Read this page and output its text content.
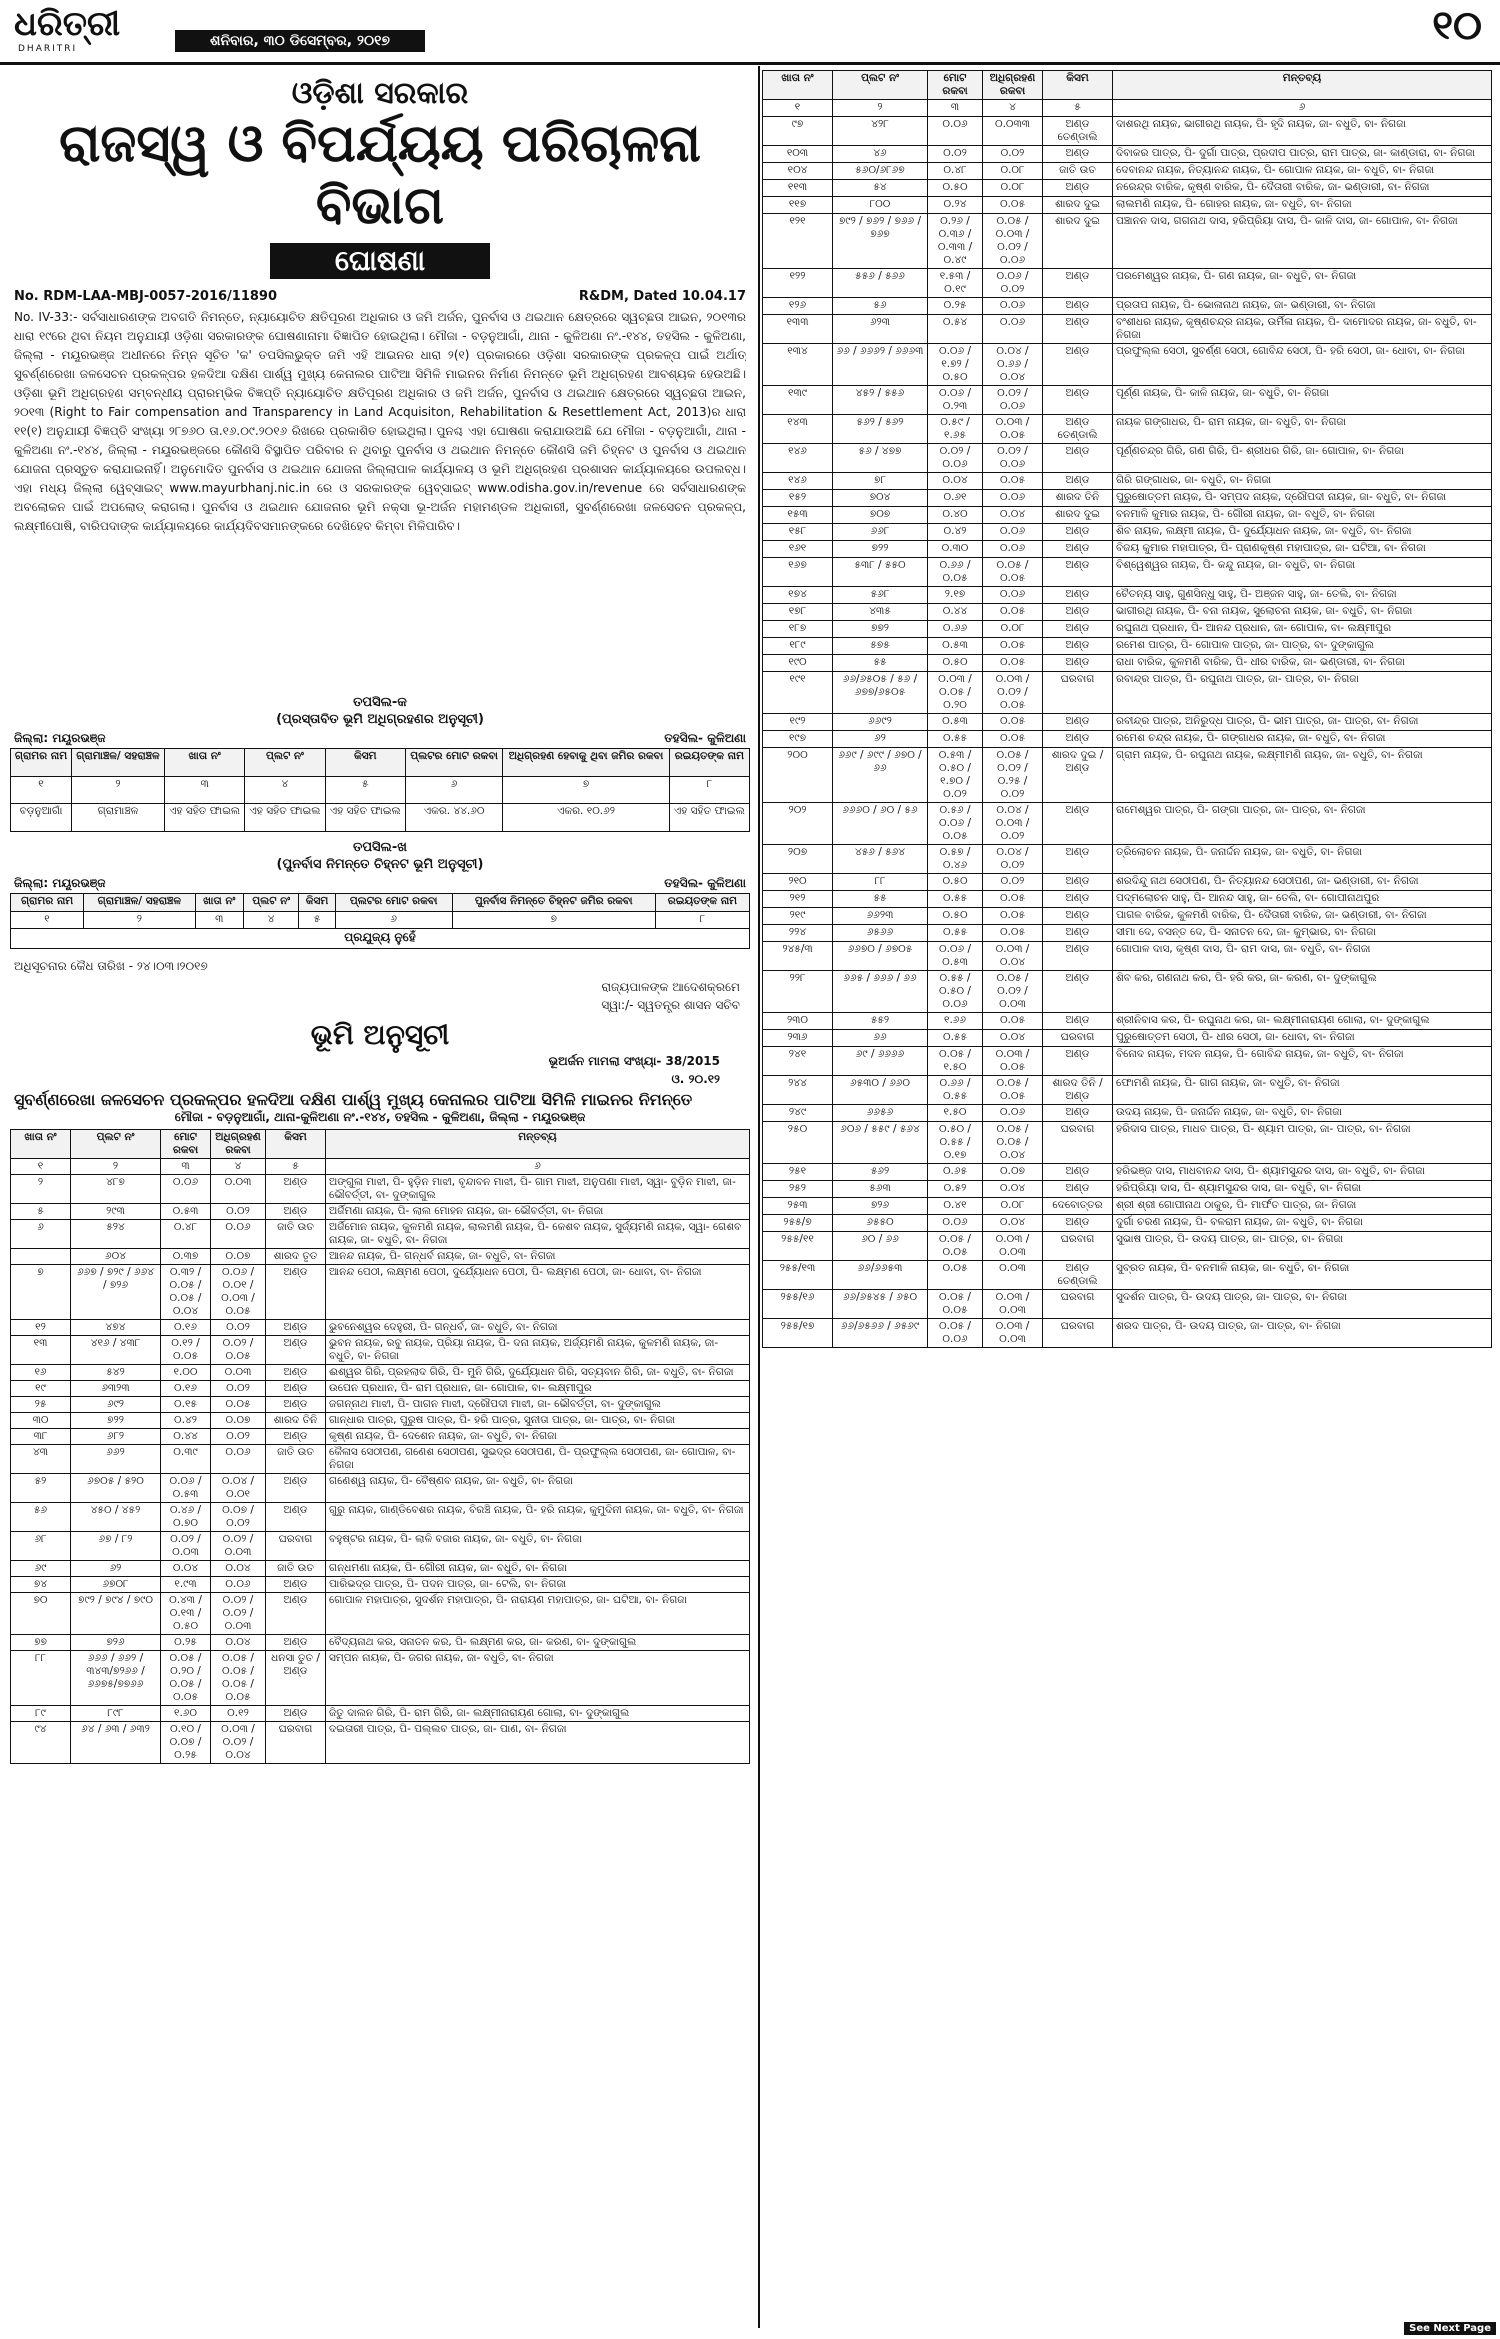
ଧରିତ୍ରୀ
DHARITRI	ଶନିବାର, ୩୦ ଡିସେମ୍ବର, ୨୦୧୭	୧୦
ଓଡ଼ିଶା ସରକାର
ରାଜସ୍ୱ ଓ ବିପର୍ଯ୍ୟୟ ପରିଚାଳନା ବିଭାଗ
ଘୋଷଣା
No. RDM-LAA-MBJ-0057-2016/11890	R&DM, Dated 10.04.17
No. IV-33:- ସର୍ବସାଧାରଣଙ୍କ ଅବଗତି ନିମନ୍ତେ, ନ୍ୟାୟୋଚିତ କ୍ଷତିପୂରଣ ଅଧିକାର ଓ ଜମି ଅର୍ଜନ, ପୁନର୍ବାସ ଓ ଥଇଥାନ କ୍ଷେତ୍ରରେ ସ୍ୱଚ୍ଛତା ଆଇନ, ୨୦୧୩ର ଧାରା ୧୯ରେ ଥିବା ନିୟମ ଅନୁଯାୟୀ ଓଡ଼ିଶା ସରକାରଙ୍କ ଘୋଷଣାନାମା ବିଜ୍ଞାପିତ ହୋଇଥିଲା। ମୌଜା - ବଡ଼ନୁଆଗାଁ, ଥାନା - କୁଳିଅଣା ନଂ.-୧୪୪, ତହସିଲ - କୁଳିଅଣା, ଜିଲ୍ଲା - ମୟୂରଭଞ୍ଜ ଅଧୀନରେ ନିମ୍ନ ସୂଚିତ 'କ' ତପସିଲଭୁକ୍ତ ଜମି ଏହି ଆଇନର ଧାରା ୨(୧) ପ୍ରକାରରେ ଓଡ଼ିଶା ସରକାରଙ୍କ ପ୍ରକଳ୍ପ ପାଇଁ ଅର୍ଥାତ୍ ସୁବର୍ଣ୍ଣରେଖା ଜଳସେଚନ ପ୍ରକଳ୍ପର ହଳଦିଆ ଦକ୍ଷିଣ ପାର୍ଶ୍ୱ ମୁଖ୍ୟ କେନାଲର ପାଟିଆ ସିମିଳି ମାଇନର ନିର୍ମାଣ ନିମନ୍ତେ ଭୂମି ଅଧିଗ୍ରହଣ ଆବଶ୍ୟକ ହେଉଅଛି। ଓଡ଼ିଶା ଭୂମି ଅଧିଗ୍ରହଣ ସମ୍ବନ୍ଧୀୟ ପ୍ରାରମ୍ଭିକ ବିଜ୍ଞପ୍ତି ନ୍ୟାୟୋଚିତ କ୍ଷତିପୂରଣ ଅଧିକାର ଓ ଜମି ଅର୍ଜନ, ପୁନର୍ବାସ ଓ ଥଇଥାନ କ୍ଷେତ୍ରରେ ସ୍ୱଚ୍ଛତା ଆଇନ, ୨୦୧୩ (Right to Fair compensation and Transparency in Land Acquisiton, Rehabilitation & Resettlement Act, 2013)ର ଧାରା ୧୧(୧) ଅନୁଯାୟୀ ବିଜ୍ଞପ୍ତି ସଂଖ୍ୟା ୨୮୭୬୦ ତା.୧୬.୦୯.୨୦୧୬ ରିଖରେ ପ୍ରକାଶିତ ହୋଇଥିଲା। ପୁନଶ୍ଚ ଏହା ଘୋଷଣା କରାଯାଉଅଛି ଯେ ମୌଜା - ବଡ଼ନୁଆଗାଁ, ଥାନା - କୁଳିଅଣା ନଂ.-୧୪୪, ଜିଲ୍ଲା - ମୟୂରଭଞ୍ଜରେ କୌଣସି ବିସ୍ଥାପିତ ପରିବାର ନ ଥିବାରୁ ପୁନର୍ବାସ ଓ ଥଇଥାନ ନିମନ୍ତେ କୌଣସି ଜମି ଚିହ୍ନଟ ଓ ପୁନର୍ବାସ ଓ ଥଇଥାନ ଯୋଜନା ପ୍ରସ୍ତୁତ କରାଯାଇନାହିଁ। ଅନୁମୋଦିତ ପୁନର୍ବାସ ଓ ଥଇଥାନ ଯୋଜନା ଜିଲ୍ଲାପାଳ କାର୍ଯ୍ୟାଳୟ ଓ ଭୂମି ଅଧିଗ୍ରହଣ ପ୍ରଶାସନ କାର୍ଯ୍ୟାଳୟରେ ଉପଲବ୍ଧ। ଏହା ମଧ୍ୟ ଜିଲ୍ଲା ୱେବ୍‌ସାଇଟ୍ www.mayurbhanj.nic.in ରେ ଓ ସରକାରଙ୍କ ୱେବ୍‌ସାଇଟ୍ www.odisha.gov.in/revenue ରେ ସର୍ବସାଧାରଣଙ୍କ ଅବଲୋକନ ପାଇଁ ଅପଲୋଡ୍ କରାଗଲା। ପୁନର୍ବାସ ଓ ଥଇଥାନ ଯୋଜନାର ଭୂମି ନକ୍ସା ଭୂ-ଅର୍ଜନ ମହାମଣ୍ଡଳ ଅଧିକାରୀ, ସୁବର୍ଣ୍ଣରେଖା ଜଳସେଚନ ପ୍ରକଳ୍ପ, ଲକ୍ଷ୍ମୀପୋଷି, ବାରିପଦାଙ୍କ କାର୍ଯ୍ୟାଳୟରେ କାର୍ଯ୍ୟଦିବସମାନଙ୍କରେ ଦେଖିହେବ କିମ୍ବା ମିଳିପାରିବ।
ତପସିଲ-କ
(ପ୍ରସ୍ତାବିତ ଭୂମି ଅଧିଗ୍ରହଣର ଅନୁସୂଚୀ)
ଜିଲ୍ଲା: ମୟୂରଭଞ୍ଜ	ତହସିଲ- କୁଳିଅଣା
ଗ୍ରାମର ନାମ	ଗ୍ରାମାଞ୍ଚଳ/ ସହରାଞ୍ଚଳ	ଖାତା ନଂ	ପ୍ଲଟ ନଂ	କିସମ	ପ୍ଲଟର ମୋଟ ରକବା	ଅଧିଗ୍ରହଣ ହେବାକୁ ଥିବା ଜମିର ରକବା	ରଇୟତଙ୍କ ନାମ
୧	୨	୩	୪	୫	୬	୭	୮
ବଡ଼ନୁଆଗାଁ	ଗ୍ରାମାଞ୍ଚଳ	ଏହ ସହିତ ଫାଇଲ	ଏହ ସହିତ ଫାଇଲ	ଏହ ସହିତ ଫାଇଲ	ଏକର. ୪୪.୬୦	ଏକର. ୧୦.୬୨	ଏହ ସହିତ ଫାଇଲ
ତପସିଲ-ଖ
(ପୁନର୍ବାସ ନିମନ୍ତେ ଚିହ୍ନଟ ଭୂମି ଅନୁସୂଚୀ)
ଜିଲ୍ଲା: ମୟୂରଭଞ୍ଜ	ତହସିଲ- କୁଳିଅଣା
ଗ୍ରାମର ନାମ	ଗ୍ରାମାଞ୍ଚଳ/ ସହରାଞ୍ଚଳ	ଖାତା ନଂ	ପ୍ଲଟ ନଂ	କିସମ	ପ୍ଲଟର ମୋଟ ରକବା	ପୁନର୍ବାସ ନିମନ୍ତେ ଚିହ୍ନଟ ଜମିର ରକବା	ରଇୟତଙ୍କ ନାମ
୧	୨	୩	୪	୫	୬	୭	୮
ପ୍ରଯୁଜ୍ୟ ନୁହେଁ							
ଅଧିସୂଚନାର କୈଧ ତାରିଖ - ୨୪।୦୩।୨୦୧୭
ରାଜ୍ୟପାଳଙ୍କ ଆଦେଶକ୍ରମେ
ସ୍ୱା:/- ସ୍ୱତନ୍ତ୍ର ଶାସନ ସଚିବ
ଭୂମି ଅନୁସୂଚୀ
ଭୂଅର୍ଜନ ମାମଲା ସଂଖ୍ୟା- 38/2015
ଓ. ୨୦.୧୨
ସୁବର୍ଣ୍ଣରେଖା ଜଳସେଚନ ପ୍ରକଳ୍ପର ହଳଦିଆ ଦକ୍ଷିଣ ପାର୍ଶ୍ୱ ମୁଖ୍ୟ କେନାଲର ପାଟିଆ ସିମିଳି ମାଇନର ନିମନ୍ତେ
ମୌଜା - ବଡ଼ନୁଆଗାଁ, ଥାନା-କୁଳିଅଣା ନଂ.-୧୪୪, ତହସିଲ - କୁଳିଅଣା, ଜିଲ୍ଲା - ମୟୂରଭଞ୍ଜ
ଖାତା ନଂ	ପ୍ଲଟ ନଂ	ମୋଟ ରକବା	ଅଧିଗ୍ରହଣ ରକବା	କିସମ	ମନ୍ତବ୍ୟ
୧	୨	୩	୪	୫	୬
୨	୪୮୭	୦.୦୬	୦.୦୩	ଅଣ୍ଡ	ଅଙ୍ଗୁଳା ମାଝୀ, ପି- ହୁଡ଼ିନ ମାଝୀ, ବୃନ୍ଦାବନ ମାଝୀ, ପି- ଗାମ ମାଝୀ, ଅନୁପଣା ମାଝୀ, ସ୍ୱା- ବୁଡ଼ିନ ମାଝୀ, ଜା- ଭୌବର୍ତ୍ତୀ, ବା- ଦୁଙ୍କାଗୁଲ
୫	୨୯୩	୦.୫୩	୦.୦୨	ଅଣ୍ଡ	ଅର୍ଜିମଣା ନାୟକ, ପି- ଲାଲ ମୋହନ ନାୟକ, ଜା- ଭୌବର୍ତ୍ତୀ, ବା- ନିଗଜା
୬	୫୨୪	୦.୪୮	୦.୦୬	ଜାତି ଉତ	ଅର୍ଜିମୋନ ନାୟକ, କୁଳମଣି ନାୟକ, ଲାଲମଣି ନାୟକ, ପି- କେଶବ ନାୟକ, ସୁର୍ଜ୍ୟମଣି ନାୟକ, ସ୍ୱା- ଗେଶବ ନାୟକ, ଜା- ବଧୁତି, ବା- ନିଗଜା
	୬୦୪	୦.୩୭	୦.୦୭	ଶାରଦ ତୃତ	ଆନନ୍ଦ ନାୟକ, ପି- ଗନ୍ଧର୍ବ ନାୟକ, ଜା- ବଧୁତି, ବା- ନିଗଜା
୭	୬୬୭ / ୭୨୯ / ୬୬୪ / ୭୨୬	୦.୩୨ / ୦.୦୫ / ୦.୦୫ / ୦.୦୪	୦.୦୬ / ୦.୦୧ / ୦.୦୩ / ୦.୦୫	ଅଣ୍ଡ	ଆନନ୍ଦ ପେଠୀ, ଲକ୍ଷ୍ମଣ ପେଠୀ, ଦୁର୍ଯ୍ୟୋଧନ ପେଠୀ, ପି- ଲକ୍ଷ୍ମଣ ପେଠୀ, ଜା- ଧୋବା, ବା- ନିଗଜା
୧୨	୪୭୪	୦.୧୬	୦.୦୨	ଅଣ୍ଡ	ଭୁବନେଶ୍ୱର ଦେହୁରୀ, ପି- ଗନ୍ଧର୍ବ, ଜା- ବଧୁତି, ବା- ନିଗଜା
୧୩	୪୧୬ / ୪୩୮	୦.୧୨ / ୦.୦୫	୦.୦୨ / ୦.୦୫	ଅଣ୍ଡ	ଭୁବନ ନାୟକ, ରବୁ ନାୟକ, ପ୍ରିୟା ନାୟକ, ପି- ଦନା ନାୟକ, ଅର୍ଜ୍ୟମଣି ନାୟକ, କୁଳମଣି ନାୟକ, ଜା- ବଧୁତି, ବା- ନିଗଜା
୧୬	୫୪୨	୧.୦୦	୦.୦୩	ଅଣ୍ଡ	ଈଶ୍ୱର ଗିରି, ପ୍ରହଲାଦ ଗିରି, ପି- ମୁନି ଗିରି, ଦୁର୍ଯ୍ୟୋଧନ ଗିରି, ସତ୍ୟବାନ ଗିରି, ଜା- ବଧୁତି, ବା- ନିଗଜା
୧୯	୬୩୨୩	୦.୧୬	୦.୦୨	ଅଣ୍ଡ	ଉପେନ ପ୍ରଧାନ, ପି- ରାମ ପ୍ରଧାନ, ଜା- ଗୋପାଳ, ବା- ଲକ୍ଷ୍ମୀପୁର
୨୫	୬୯୨	୦.୧୫	୦.୦୫	ଅଣ୍ଡ	ଜଗନ୍ନାଥ ମାଝୀ, ପି- ପାଗନ ମାଝୀ, ଦ୍ରୌପଦୀ ମାଝୀ, ଜା- ଭୌବର୍ତ୍ତୀ, ବା- ଦୁଙ୍କାଗୁଲ
୩୦	୭୨୨	୦.୪୨	୦.୦୭	ଶାରଦ ତିନି	ଗାନ୍ଧାର ପାତ୍ର, ପୁରୁଷ ପାତ୍ର, ପି- ହରି ପାତ୍ର, ସୁନୀତା ପାତ୍ର, ଜା- ପାତ୍ର, ବା- ନିଗଜା
୩୮	୬୮୨	୦.୪୪	୦.୦୨	ଅଣ୍ଡ	କୃଷ୍ଣ ନାୟକ, ପି- ଦେଶେନ ନାୟକ, ଜା- ବଧୁତି, ବା- ନିଗଜା
୪୩	୬୬୨	୦.୩୯	୦.୦୬	ଜାତି ଉତ	କୈଳାସ ସେଠୀପଣ, ଗଣେଶ ସେଠୀପଣ, ସୁଭଦ୍ର ସେଠୀପଣ, ପି- ପ୍ରଫୁଲ୍ଲ ସେଠୀପଣ, ଜା- ଗୋପାଳ, ବା- ନିଗଜା
୫୨	୬୭୦୫ / ୫୨୦	୦.୦୬ / ୦.୫୩	୦.୦୪ / ୦.୦୧	ଅଣ୍ଡ	ଗଣେଶ୍ୱ ନାୟକ, ପି- ବୈଷ୍ଣବ ନାୟକ, ଜା- ବଧୁତି, ବା- ନିଗଜା
୫୬	୪୫୦ / ୪୫୨	୦.୪୬ / ୦.୭୦	୦.୦୭ / ୦.୦୨	ଅଣ୍ଡ	ଗୁରୁ ନାୟକ, ଗାଣ୍ଡିବେଶର ନାୟକ, ବିରଞ୍ଚି ନାୟକ, ପି- ହରି ନାୟକ, କୁମୁଦିନୀ ନାୟକ, ଜା- ବଧୁତି, ବା- ନିଗଜା
୬୮	୬୭ / ୮୨	୦.୦୨ / ୦.୦୩	୦.୦୨ / ୦.୦୩	ଘରବାଗ	ବହୁଷ୍ଟର ନାୟକ, ପି- ଲାଳି ବଜାର ନାୟକ, ଜା- ବଧୁତି, ବା- ନିଗଜା
୬୯	୬୨	୦.୦୪	୦.୦୪	ଜାତି ଉତ	ଗନ୍ଧମଣା ନାୟକ, ପି- ଗୌରୀ ନାୟକ, ଜା- ବଧୁତି, ବା- ନିଗଜା
୭୪	୬୭୦୮	୧.୯୩	୦.୦୬	ଅଣ୍ଡ	ପାରିଭଦ୍ର ପାତ୍ର, ପି- ପଦନ ପାତ୍ର, ଜା- ଟେଲି, ବା- ନିଗଜା
୭୦	୭୯୨ / ୭୯୪ / ୭୯୦	୦.୪୩ / ୦.୧୩ / ୦.୫୦	୦.୦୨ / ୦.୦୨ / ୦.୦୩	ଅଣ୍ଡ	ଗୋପାଳ ମହାପାତ୍ର, ସୁଦର୍ଶନ ମହାପାତ୍ର, ପି- ନାରାୟଣ ମହାପାତ୍ର, ଜା- ଘଟିଆ, ବା- ନିଗଜା
୭୭	୭୨୬	୦.୨୫	୦.୦୪	ଅଣ୍ଡ	ବୈଦ୍ୟନାଥ କର, ସନାତନ କର, ପି- ଲକ୍ଷ୍ମଣ କର, ଜା- କରଣ, ବା- ଦୁଙ୍କାଗୁଲ
୮୮	୬୬୬ / ୬୬୨ / ୩୪୩/୭୨୬୬ / ୬୬୭୫/୭୭୬୬	୦.୦୫ / ୦.୨୦ / ୦.୦୫ / ୦.୦୫	୦.୦୫ / ୦.୦୫ / ୦.୦୫ / ୦.୦୫	ଧନସା ତୁତ / ଅଣ୍ଡ	ସମ୍ପନ ନାୟକ, ପି- ଜଗର ନାୟକ, ଜା- ବଧୁତି, ବା- ନିଗଜା
୮୯	୮୯୮	୧.୬୦	୦.୧୨	ଅଣ୍ଡ	ଜିତୁ ଦାଲନ ଗିରି, ପି- ରାମ ଗିରି, ଜା- ଲକ୍ଷ୍ମୀନାରାୟଣ ଗୋଲା, ବା- ଦୁଙ୍କାଗୁଲ
୯୪	୬୪ / ୬୩ / ୬୩୨	୦.୧୦ / ୦.୦୭ / ୦.୨୫	୦.୦୩ / ୦.୦୨ / ୦.୦୪	ଘରବାଗ	ଦଇତାରୀ ପାତ୍ର, ପି- ପଲ୍ଲବ ପାତ୍ର, ଜା- ପାଣ, ବା- ନିଗଜା
ଖାତା ନଂ	ପ୍ଲଟ ନଂ	ମୋଟ ରକବା	ଅଧିଗ୍ରହଣ ରକବା	କିସମ	ମନ୍ତବ୍ୟ
୧	୨	୩	୪	୫	୬
୯୭	୪୨୮	୦.୦୬	୦.୦୩୩	ଅଣ୍ଡ ତେଣ୍ଡାଲି	ଦାଶରଥି ନାୟକ, ଭାଗୀରଥି ନାୟକ, ପି- ହୃଦି ନାୟକ, ଜା- ବଧୁତି, ବା- ନିଗଜା
୧୦୩	୪୬	୦.୦୨	୦.୦୨	ଅଣ୍ଡ	ଦିବାକର ପାତ୍ର, ପି- ଦୁର୍ଗା ପାତ୍ର, ପ୍ରଦୀପ ପାତ୍ର, ରାମ ପାତ୍ର, ଜା- କାଣ୍ଡାରା, ବା- ନିଗଜା
୧୦୪	୫୬୦/୬୮୬୭	୦.୪୮	୦.୦୮	ଜାତି ଉତ	ଦେବାନନ୍ଦ ନାୟକ, ନିତ୍ୟାନନ୍ଦ ନାୟକ, ପି- ଗୋପାଳ ନାୟକ, ଜା- ବଧୁତି, ବା- ନିଗଜା
୧୧୩	୫୪	୦.୫୦	୦.୦୮	ଅଣ୍ଡ	ନରେନ୍ଦ୍ର ବାରିକ, କୃଷ୍ଣ ବାରିକ, ପି- ଦୈତାରୀ ବାରିକ, ଜା- ଭଣ୍ଡାରୀ, ବା- ନିଗଜା
୧୧୭	୮୦୦	୦.୨୪	୦.୦୫	ଶାରଦ ଦୁଇ	ଲାଲମଣି ନାୟକ, ପି- ଗୋହର ନାୟକ, ଜା- ବଧୁତି, ବା- ନିଗଜା
୧୨୧	୭୯୨ / ୭୬୨ / ୭୬୬ / ୭୬୭	୦.୨୬ / ୦.୩୬ / ୦.୩୩ / ୦.୪୯	୦.୦୫ / ୦.୦୩ / ୦.୦୨ / ୦.୦୬	ଶାରଦ ଦୁଇ	ପଞ୍ଚାନନ ଦାସ, ଗଗନାଥ ଦାସ, ହରିପ୍ରିୟା ଦାସ, ପି- କାଳି ଦାସ, ଜା- ଗୋପାଳ, ବା- ନିଗଜା
୧୨୨	୫୫୬ / ୫୬୬	୧.୫୩ / ୦.୧୯	୦.୦୬ / ୦.୦୨	ଅଣ୍ଡ	ପରମେଶ୍ୱର ନାୟକ, ପି- ଗଣ ନାୟକ, ଜା- ବଧୁତି, ବା- ନିଗଜା
୧୨୬	୫୬	୦.୨୫	୦.୦୬	ଅଣ୍ଡ	ପ୍ରତାପ ନାୟକ, ପି- ଭୋଳାନାଥ ନାୟକ, ଜା- ଭଣ୍ଡାରୀ, ବା- ନିଗଜା
୧୩୩	୬୨୩	୦.୫୪	୦.୦୬	ଅଣ୍ଡ	ବଂଶୀଧର ନାୟକ, କୃଷ୍ଣଚନ୍ଦ୍ର ନାୟକ, ଉର୍ମିଳା ନାୟକ, ପି- ଦାମୋଦର ନାୟକ, ଜା- ବଧୁତି, ବା- ନିଗଜା
୧୩୪	୬୬ / ୬୬୬୨ / ୬୬୬୩	୦.୦୬ / ୧.୭୨ / ୦.୫୦	୦.୦୪ / ୦.୬୬ / ୦.୦୪	ଅଣ୍ଡ	ପ୍ରଫୁଲ୍ଲ ସେଠୀ, ସୁବର୍ଣ୍ଣ ସେଠୀ, ଗୋବିନ୍ଦ ସେଠୀ, ପି- ହରି ସେଠୀ, ଜା- ଧୋବା, ବା- ନିଗଜା
୧୩୯	୪୫୨ / ୫୫୬	୦.୦୬ / ୦.୨୩	୦.୦୨ / ୦.୦୬	ଅଣ୍ଡ	ପୂର୍ଣ୍ଣ ନାୟକ, ପି- କାଳି ନାୟକ, ଜା- ବଧୁତି, ବା- ନିଗଜା
୧୪୩	୫୬୨ / ୫୬୨	୦.୫୯ / ୧.୬୫	୦.୦୩ / ୦.୦୫	ଅଣ୍ଡ ତେଣ୍ଡାଲି	ନାୟକ ଗଙ୍ଗାଧର, ପି- ରାମ ନାୟକ, ଜା- ବଧୁତି, ବା- ନିଗଜା
୧୪୬	୫୬ / ୪୭୭	୦.୦୨ / ୦.୦୬	୦.୦୨ / ୦.୦୬	ଅଣ୍ଡ	ପୂର୍ଣ୍ଣଚନ୍ଦ୍ର ଗିରି, ଗଣ ଗିରି, ପି- ଶ୍ରୀଧର ଗିରି, ଜା- ଗୋପାଳ, ବା- ନିଗଜା
୧୪୬	୭୮	୦.୦୪	୦.୦୫	ଅଣ୍ଡ	ଗିରି ଗଙ୍ଗାଧର, ଜା- ବଧୁତି, ବା- ନିଗଜା
୧୫୨	୭୦୪	୦.୬୧	୦.୦୬	ଶାରଦ ତିନି	ପୁରୁଷୋତ୍ତମ ନାୟକ, ପି- ସମ୍ପଦ ନାୟକ, ଦ୍ରୌପଦୀ ନାୟକ, ଜା- ବଧୁତି, ବା- ନିଗଜା
୧୫୩	୭୦୭	୦.୪୦	୦.୦୪	ଶାରଦ ଦୁଇ	ବନମାଳି କୁମାର ନାୟକ, ପି- ଗୌରୀ ନାୟକ, ଜା- ବଧୁତି, ବା- ନିଗଜା
୧୫୮	୬୬୮	୦.୪୨	୦.୦୬	ଅଣ୍ଡ	ଶିବ ନାୟକ, ଲକ୍ଷ୍ମୀ ନାୟକ, ପି- ଦୁର୍ଯ୍ୟୋଧନ ନାୟକ, ଜା- ବଧୁତି, ବା- ନିଗଜା
୧୬୧	୭୨୨	୦.୩୦	୦.୦୬	ଅଣ୍ଡ	ବିଜୟ କୁମାର ମହାପାତ୍ର, ପି- ପ୍ରାଣକୃଷ୍ଣ ମହାପାତ୍ର, ଜା- ଘଟିଆ, ବା- ନିଗଜା
୧୬୭	୫୩୮ / ୫୫୦	୦.୬୬ / ୦.୦୫	୦.୦୫ / ୦.୦୫	ଅଣ୍ଡ	ବିଶ୍ୱେଶ୍ୱର ନାୟକ, ପି- କନ୍ଦୁ ନାୟକ, ଜା- ବଧୁତି, ବା- ନିଗଜା
୧୭୪	୫୬୮	୨.୧୭	୦.୦୬	ଅଣ୍ଡ	ଚୈତନ୍ୟ ସାହୁ, ଗୁଣସିନ୍ଧୁ ସାହୁ, ପି- ଅଞ୍ଜନ ସାହୁ, ଜା- ତେଲି, ବା- ନିଗଜା
୧୭୮	୪୩୫	୦.୪୪	୦.୦୫	ଅଣ୍ଡ	ଭାଗୀରଥି ନାୟକ, ପି- ବନା ନାୟକ, ସୁଲୋଚନା ନାୟକ, ଜା- ବଧୁତି, ବା- ନିଗଜା
୧୮୭	୭୭୨	୦.୬୬	୦.୦୮	ଅଣ୍ଡ	ରଘୁନାଥ ପ୍ରଧାନ, ପି- ଆନନ୍ଦ ପ୍ରଧାନ, ଜା- ଗୋପାଳ, ବା- ଲକ୍ଷ୍ମୀପୁର
୧୮୯	୫୭୫	୦.୫୩	୦.୦୫	ଅଣ୍ଡ	ରମେଶ ପାତ୍ର, ପି- ଗୋପାଳ ପାତ୍ର, ଜା- ପାତ୍ର, ବା- ଦୁଙ୍କାଗୁଲ
୧୯୦	୫୫	୦.୫୦	୦.୦୫	ଅଣ୍ଡ	ରାଧା ବାରିକ, କୁଳମଣି ବାରିକ, ପି- ଧୀର ବାରିକ, ଜା- ଭଣ୍ଡାରୀ, ବା- ନିଗଜା
୧୯୧	୬୬/୬୫୦୫ / ୫୬ / ୬୭୭/୬୫୦୫	୦.୦୩ / ୦.୦୫ / ୦.୨୦	୦.୦୩ / ୦.୦୨ / ୦.୦୫	ଘରବାଗ	ରବାନ୍ଦ୍ର ପାତ୍ର, ପି- ରଘୁନାଥ ପାତ୍ର, ଜା- ପାତ୍ର, ବା- ନିଗଜା
୧୯୨	୬୬୯୨	୦.୫୩	୦.୦୫	ଅଣ୍ଡ	ରବୀନ୍ଦ୍ର ପାତ୍ର, ଅନିରୁଦ୍ଧ ପାତ୍ର, ପି- ଭୀମ ପାତ୍ର, ଜା- ପାତ୍ର, ବା- ନିଗଜା
୧୯୭	୬୨	୦.୫୫	୦.୦୫	ଅଣ୍ଡ	ରମେଶ ଚନ୍ଦ୍ର ନାୟକ, ପି- ଗଙ୍ଗାଧର ନାୟକ, ଜା- ବଧୁତି, ବା- ନିଗଜା
୨୦୦	୬୬୯ / ୬୯୯ / ୬୭୦ / ୬୬	୦.୫୩ / ୦.୫୦ / ୧.୭୦ / ୦.୦୨	୦.୦୫ / ୦.୦୨ / ୦.୨୫ / ୦.୦୨	ଶାରଦ ଦୁଇ / ଅଣ୍ଡ	ଗ୍ରାମ ନାୟକ, ପି- ରଘୁନାଥ ନାୟକ, ଲକ୍ଷ୍ମୀମଣି ନାୟକ, ଜା- ବଧୁତି, ବା- ନିଗଜା
୨୦୨	୬୬୬୦ / ୬୦ / ୫୬	୦.୫୬ / ୦.୦୬ / ୦.୦୫	୦.୦୪ / ୦.୦୩ / ୦.୦୨	ଅଣ୍ଡ	ରାମେଶ୍ୱର ପାତ୍ର, ପି- ଗଙ୍ଗା ପାତ୍ର, ଜା- ପାତ୍ର, ବା- ନିଗଜା
୨୦୭	୪୫୬ / ୫୬୪	୦.୫୭ / ୦.୪୬	୦.୦୪ / ୦.୦୨	ଅଣ୍ଡ	ତ୍ରିଲୋଚନ ନାୟକ, ପି- ଜନାର୍ଦ୍ଦନ ନାୟକ, ଜା- ବଧୁତି, ବା- ନିଗଜା
୨୧୦	୮୮	୦.୫୦	୦.୦୨	ଅଣ୍ଡ	ଶରଦିନ୍ଦୁ ନାଥ ସେଠୀପଣ, ପି- ନିତ୍ୟାନନ୍ଦ ସେଠୀପଣ, ଜା- ଭଣ୍ଡାରୀ, ବା- ନିଗଜା
୨୧୨	୫୫	୦.୫୫	୦.୦୫	ଅଣ୍ଡ	ପଦ୍ମଲୋଚନ ସାହୁ, ପି- ଆନନ୍ଦ ସାହୁ, ଜା- ତେଲି, ବା- ଗୋପୀନାଥପୁର
୨୧୯	୬୬୨୩	୦.୫୦	୦.୦୫	ଅଣ୍ଡ	ପାଗଳ ବାରିକ, କୁଳମଣି ବାରିକ, ପି- ଦୈତାରୀ ବାରିକ, ଜା- ଭଣ୍ଡାରୀ, ବା- ନିଗଜା
୨୨୪	୬୫୬୬	୦.୫୫	୦.୦୫	ଅଣ୍ଡ	ସୀମା ଦେ, ବସନ୍ତ ଦେ, ପି- ସନାତନ ଦେ, ଜା- କୁମ୍ଭାର, ବା- ନିଗଜା
୨୪୫/୩	୬୬୭୦ / ୬୭୦୫	୦.୦୬ / ୦.୫୩	୦.୦୩ / ୦.୦୪	ଅଣ୍ଡ	ଗୋପାଳ ଦାସ, କୃଷ୍ଣ ଦାସ, ପି- ରାମ ଦାସ, ଜା- ବଧୁତି, ବା- ନିଗଜା
୨୨୮	୬୬୫ / ୬୬୬ / ୬୬	୦.୫୫ / ୦.୫୦ / ୦.୦୬	୦.୦୫ / ୦.୦୨ / ୦.୦୩	ଅଣ୍ଡ	ଶିବ କର, ଗଣନାଥ କର, ପି- ହରି କର, ଜା- କରଣ, ବା- ଦୁଙ୍କାଗୁଲ
୨୩୦	୫୫୨	୧.୬୬	୦.୦୫	ଅଣ୍ଡ	ଶ୍ରୀନିବାସ କର, ପି- ରଘୁନାଥ କର, ଜା- ଲକ୍ଷ୍ମୀନାରାୟଣ ଗୋଲା, ବା- ଦୁଙ୍କାଗୁଲ
୨୩୬	୬୬	୦.୫୫	୦.୦୪	ଘରବାଗ	ପୁରୁଷୋତ୍ତମ ସେଠୀ, ପି- ଧୀର ସେଠୀ, ଜା- ଧୋବା, ବା- ନିଗଜା
୨୪୧	୬୯ / ୬୬୬୬	୦.୦୫ / ୧.୫୦	୦.୦୩ / ୦.୦୫	ଅଣ୍ଡ	ବିନୋଦ ନାୟକ, ମଦନ ନାୟକ, ପି- ଗୋବିନ୍ଦ ନାୟକ, ଜା- ବଧୁତି, ବା- ନିଗଜା
୨୪୪	୬୫୩୦ / ୬୬୦	୦.୬୬ / ୦.୫୫	୦.୦୫ / ୦.୦୫	ଶାରଦ ତିନି / ଅଣ୍ଡ	ଫୋମଣି ନାୟକ, ପି- ଗାଗ ନାୟକ, ଜା- ବଧୁତି, ବା- ନିଗଜା
୨୪୯	୬୬୫୬	୧.୫୦	୦.୦୬	ଅଣ୍ଡ	ଉଦୟ ନାୟକ, ପି- ଜନାର୍ଦ୍ଦନ ନାୟକ, ଜା- ବଧୁତି, ବା- ନିଗଜା
୨୫୦	୬୦୬ / ୫୫୯ / ୫୬୪	୦.୫୦ / ୦.୫୫ / ୦.୧୭	୦.୦୫ / ୦.୦୫ / ୦.୦୪	ଘରବାଗ	ହରିଦାସ ପାତ୍ର, ମାଧବ ପାତ୍ର, ପି- ଶ୍ୟାମ ପାତ୍ର, ଜା- ପାତ୍ର, ବା- ନିଗଜା
୨୫୧	୫୬୨	୦.୬୫	୦.୦୭	ଅଣ୍ଡ	ହରିଭଞ୍ଜ ଦାସ, ମାଧବାନନ୍ଦ ଦାସ, ପି- ଶ୍ୟାମସୁନ୍ଦର ଦାସ, ଜା- ବଧୁତି, ବା- ନିଗଜା
୨୫୨	୫୬୩	୦.୫୨	୦.୦୪	ଅଣ୍ଡ	ହରିପ୍ରିୟା ଦାସ, ପି- ଶ୍ୟାମସୁନ୍ଦର ଦାସ, ଜା- ବଧୁତି, ବା- ନିଗଜା
୨୫୩	୭୨୬	୦.୪୧	୦.୦୮	ଦେବୋତ୍ତର	ଶ୍ରୀ ଶ୍ରୀ ଗୋପୀନାଥ ଠାକୁର, ପି- ମାର୍ଫତ ପାତ୍ର, ଜା- ନିଗଜା
୨୫୫/୭	୬୫୫୦	୦.୦୬	୦.୦୪	ଅଣ୍ଡ	ଦୁର୍ଗା ଚରଣ ନାୟକ, ପି- ବଳରାମ ନାୟକ, ଜା- ବଧୁତି, ବା- ନିଗଜା
୨୫୫/୧୧	୬୦ / ୬୬	୦.୦୫ / ୦.୦୫	୦.୦୩ / ୦.୦୩	ଘରବାଗ	ସୁଭାଷ ପାତ୍ର, ପି- ଉଦୟ ପାତ୍ର, ଜା- ପାତ୍ର, ବା- ନିଗଜା
୨୫୫/୧୩	୬୬/୬୬୫୩	୦.୦୫	୦.୦୩	ଅଣ୍ଡ ତେଣ୍ଡାଲି	ସୁବ୍ରତ ନାୟକ, ପି- ବନମାଳି ନାୟକ, ଜା- ବଧୁତି, ବା- ନିଗଜା
୨୫୫/୧୬	୬୬/୬୫୪୫ / ୬୫୦	୦.୦୫ / ୦.୦୫	୦.୦୩ / ୦.୦୩	ଘରବାଗ	ସୁଦର୍ଶନ ପାତ୍ର, ପି- ଉଦୟ ପାତ୍ର, ଜା- ପାତ୍ର, ବା- ନିଗଜା
୨୫୫/୧୭	୬୬/୬୫୬୬ / ୬୫୬୯	୦.୦୫ / ୦.୦୬	୦.୦୩ / ୦.୦୩	ଘରବାଗ	ଶରଦ ପାତ୍ର, ପି- ଉଦୟ ପାତ୍ର, ଜା- ପାତ୍ର, ବା- ନିଗଜା
See Next Page
